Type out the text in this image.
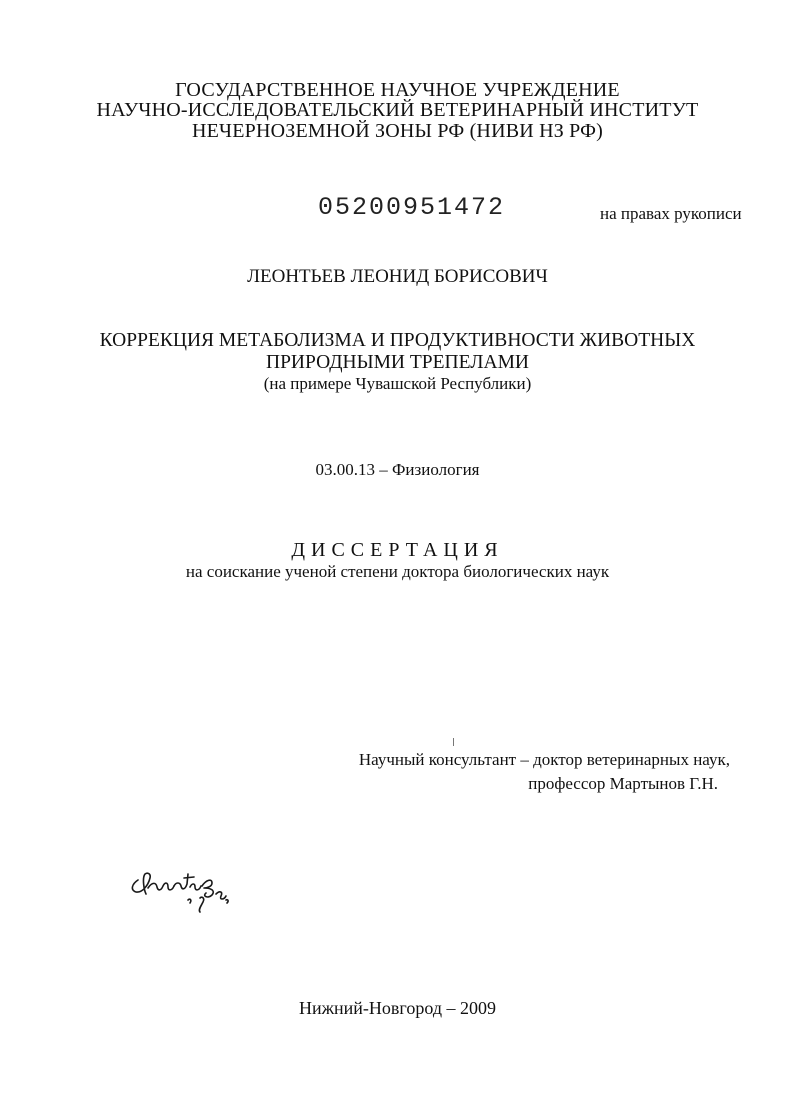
ГОСУДАРСТВЕННОЕ НАУЧНОЕ УЧРЕЖДЕНИЕ
НАУЧНО-ИССЛЕДОВАТЕЛЬСКИЙ ВЕТЕРИНАРНЫЙ ИНСТИТУТ
НЕЧЕРНОЗЕМНОЙ ЗОНЫ РФ (НИВИ НЗ РФ)
05200951472	на правах рукописи
ЛЕОНТЬЕВ ЛЕОНИД БОРИСОВИЧ
КОРРЕКЦИЯ МЕТАБОЛИЗМА И ПРОДУКТИВНОСТИ ЖИВОТНЫХ
ПРИРОДНЫМИ ТРЕПЕЛАМИ
(на примере Чувашской Республики)
03.00.13 – Физиология
ДИССЕРТАЦИЯ
на соискание ученой степени доктора биологических наук
Научный консультант – доктор ветеринарных наук,
профессор Мартынов Г.Н.
Нижний-Новгород – 2009
